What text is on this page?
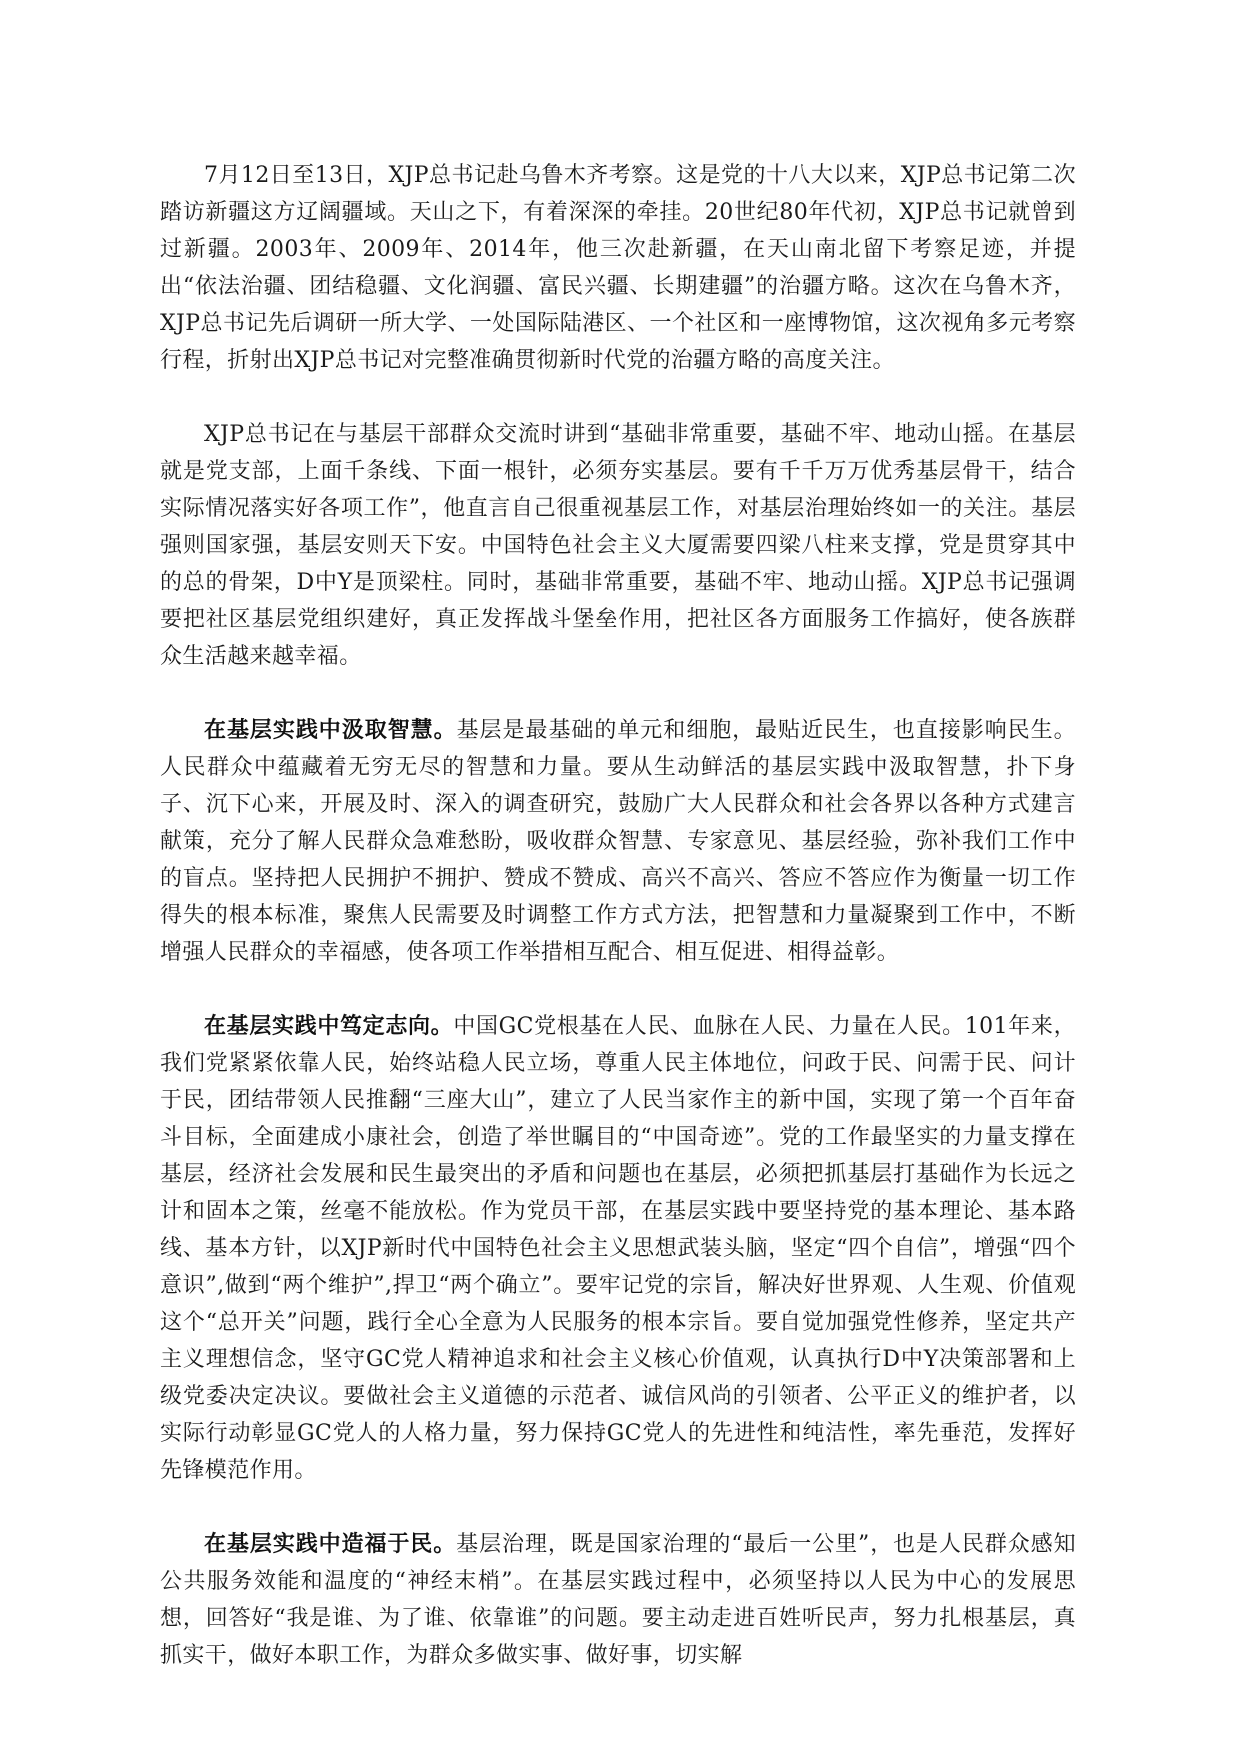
7月12日至13日，XJP总书记赴乌鲁木齐考察。这是党的十八大以来，XJP总书记第二次踏访新疆这方辽阔疆域。天山之下，有着深深的牵挂。20世纪80年代初，XJP总书记就曾到过新疆。2003年、2009年、2014年，他三次赴新疆，在天山南北留下考察足迹，并提出“依法治疆、团结稳疆、文化润疆、富民兴疆、长期建疆”的治疆方略。这次在乌鲁木齐，XJP总书记先后调研一所大学、一处国际陆港区、一个社区和一座博物馆，这次视角多元考察行程，折射出XJP总书记对完整准确贯彻新时代党的治疆方略的高度关注。

XJP总书记在与基层干部群众交流时讲到“基础非常重要，基础不牢、地动山摇。在基层就是党支部，上面千条线、下面一根针，必须夯实基层。要有千千万万优秀基层骨干，结合实际情况落实好各项工作”，他直言自己很重视基层工作，对基层治理始终如一的关注。基层强则国家强，基层安则天下安。中国特色社会主义大厦需要四梁八柱来支撑，党是贯穿其中的总的骨架，D中Y是顶梁柱。同时，基础非常重要，基础不牢、地动山摇。XJP总书记强调要把社区基层党组织建好，真正发挥战斗堡垒作用，把社区各方面服务工作搞好，使各族群众生活越来越幸福。

在基层实践中汲取智慧。基层是最基础的单元和细胞，最贴近民生，也直接影响民生。人民群众中蕴藏着无穷无尽的智慧和力量。要从生动鲜活的基层实践中汲取智慧，扑下身子、沉下心来，开展及时、深入的调查研究，鼓励广大人民群众和社会各界以各种方式建言献策，充分了解人民群众急难愁盼，吸收群众智慧、专家意见、基层经验，弥补我们工作中的盲点。坚持把人民拥护不拥护、赞成不赞成、高兴不高兴、答应不答应作为衡量一切工作得失的根本标准，聚焦人民需要及时调整工作方式方法，把智慧和力量凝聚到工作中，不断增强人民群众的幸福感，使各项工作举措相互配合、相互促进、相得益彰。

在基层实践中笃定志向。中国GC党根基在人民、血脉在人民、力量在人民。101年来，我们党紧紧依靠人民，始终站稳人民立场，尊重人民主体地位，问政于民、问需于民、问计于民，团结带领人民推翻“三座大山”，建立了人民当家作主的新中国，实现了第一个百年奋斗目标，全面建成小康社会，创造了举世瞩目的“中国奇迹”。党的工作最坚实的力量支撑在基层，经济社会发展和民生最突出的矛盾和问题也在基层，必须把抓基层打基础作为长远之计和固本之策，丝毫不能放松。作为党员干部，在基层实践中要坚持党的基本理论、基本路线、基本方针，以XJP新时代中国特色社会主义思想武装头脑，坚定“四个自信”，增强“四个意识”,做到“两个维护”,捍卫“两个确立”。要牢记党的宗旨，解决好世界观、人生观、价值观这个“总开关”问题，践行全心全意为人民服务的根本宗旨。要自觉加强党性修养，坚定共产主义理想信念，坚守GC党人精神追求和社会主义核心价值观，认真执行D中Y决策部署和上级党委决定决议。要做社会主义道德的示范者、诚信风尚的引领者、公平正义的维护者，以实际行动彰显GC党人的人格力量，努力保持GC党人的先进性和纯洁性，率先垂范，发挥好先锋模范作用。

在基层实践中造福于民。基层治理，既是国家治理的“最后一公里”，也是人民群众感知公共服务效能和温度的“神经末梢”。在基层实践过程中，必须坚持以人民为中心的发展思想，回答好“我是谁、为了谁、依靠谁”的问题。要主动走进百姓听民声，努力扎根基层，真抓实干，做好本职工作，为群众多做实事、做好事，切实解
